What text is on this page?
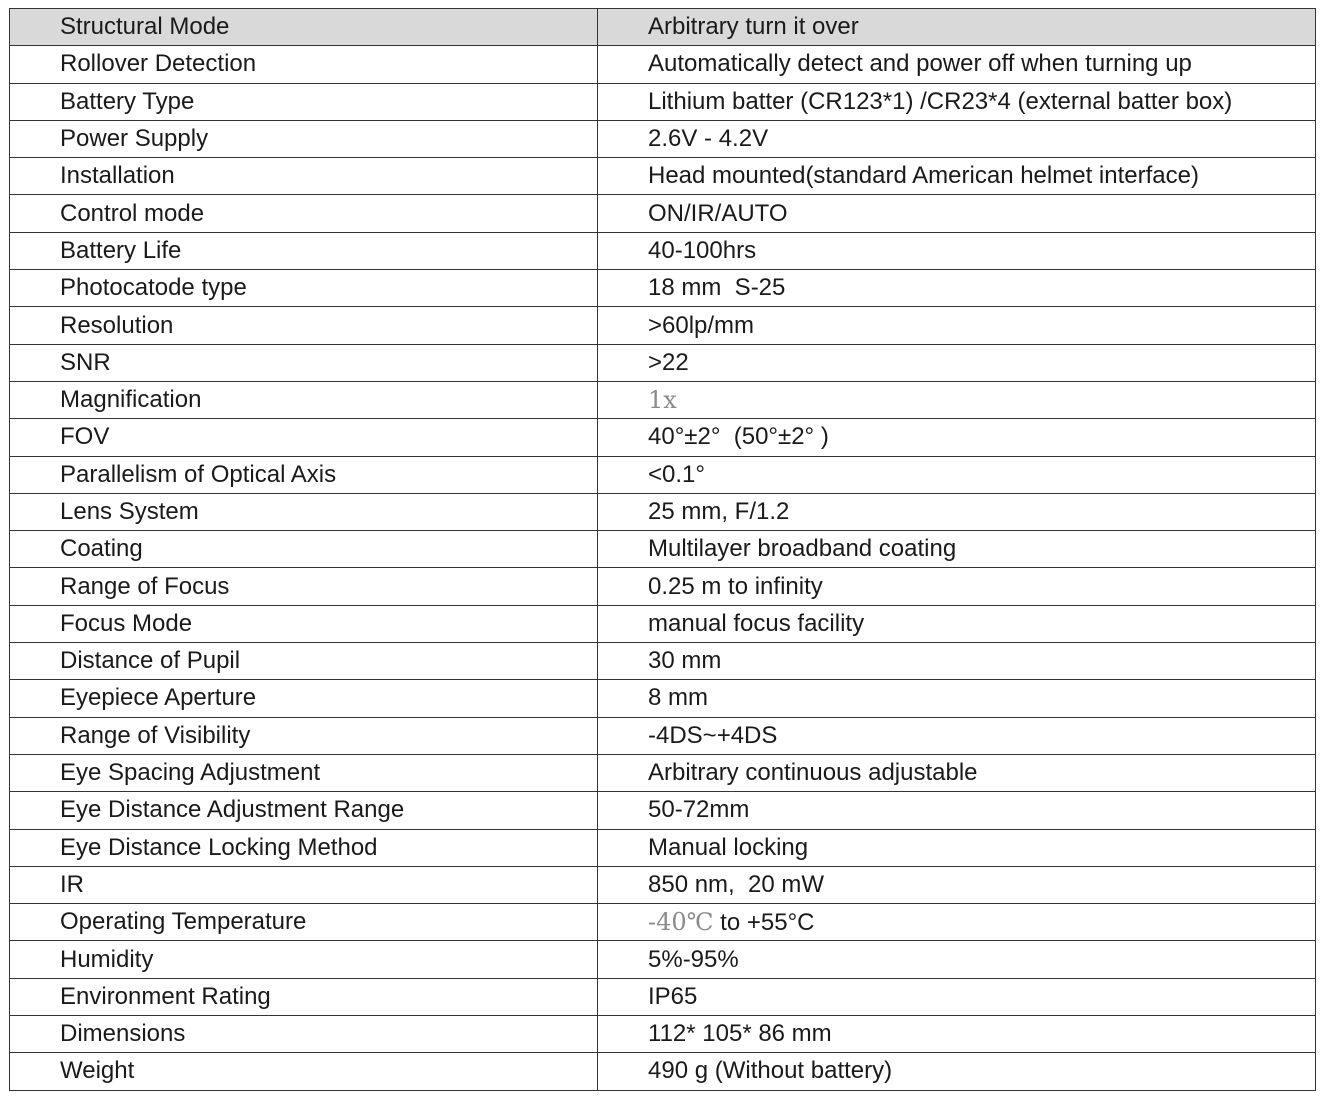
Structural Mode	Arbitrary turn it over
Rollover Detection	Automatically detect and power off when turning up
Battery Type	Lithium batter (CR123*1) /CR23*4 (external batter box)
Power Supply	2.6V - 4.2V
Installation	Head mounted(standard American helmet interface)
Control mode	ON/IR/AUTO
Battery Life	40-100hrs
Photocatode type	18 mm  S-25
Resolution	>60lp/mm
SNR	>22
Magnification	1x
FOV	40°±2°  (50°±2° )
Parallelism of Optical Axis	<0.1°
Lens System	25 mm, F/1.2
Coating	Multilayer broadband coating
Range of Focus	0.25 m to infinity
Focus Mode	manual focus facility
Distance of Pupil	30 mm
Eyepiece Aperture	8 mm
Range of Visibility	-4DS~+4DS
Eye Spacing Adjustment	Arbitrary continuous adjustable
Eye Distance Adjustment Range	50-72mm
Eye Distance Locking Method	Manual locking
IR	850 nm,  20 mW
Operating Temperature	-40℃ to +55°C
Humidity	5%-95%
Environment Rating	IP65
Dimensions	112* 105* 86 mm
Weight	490 g (Without battery)
